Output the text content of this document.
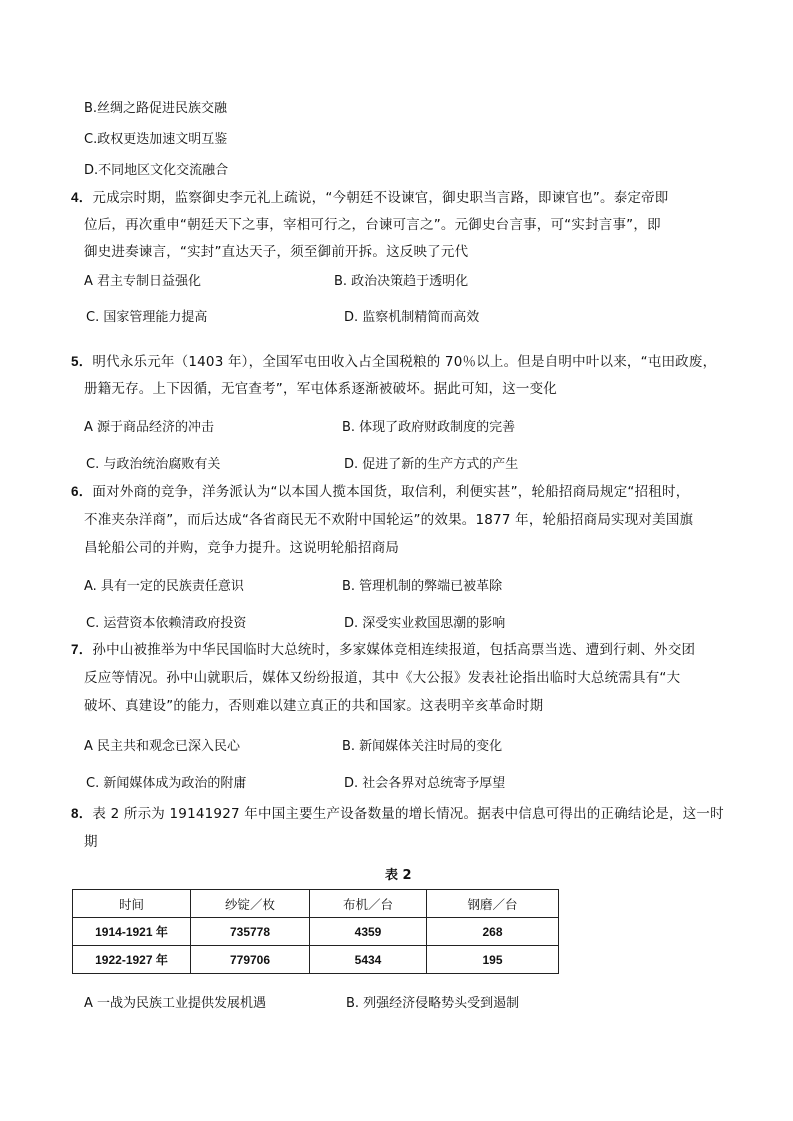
B.丝绸之路促进民族交融
C.政权更迭加速文明互鉴
D.不同地区文化交流融合
4．元成宗时期，监察御史李元礼上疏说，“今朝廷不设谏官，御史职当言路，即谏官也”。泰定帝即
位后，再次重申“朝廷天下之事，宰相可行之，台谏可言之”。元御史台言事，可“实封言事”，即
御史进奏谏言，“实封”直达天子，须至御前开拆。这反映了元代
A 君主专制日益强化	B. 政治决策趋于透明化
C. 国家管理能力提高	D. 监察机制精简而高效
5．明代永乐元年（1403 年），全国军屯田收入占全国税粮的 70％以上。但是自明中叶以来，“屯田政废，
册籍无存。上下因循，无官查考”，军屯体系逐渐被破坏。据此可知，这一变化
A 源于商品经济的冲击	B. 体现了政府财政制度的完善
C. 与政治统治腐败有关	D. 促进了新的生产方式的产生
6．面对外商的竞争，洋务派认为“以本国人揽本国货，取信利，利便实甚”，轮船招商局规定“招租时，
不准夹杂洋商”，而后达成“各省商民无不欢附中国轮运”的效果。1877 年，轮船招商局实现对美国旗
昌轮船公司的并购，竞争力提升。这说明轮船招商局
A. 具有一定的民族责任意识	B. 管理机制的弊端已被革除
C. 运营资本依赖清政府投资	D. 深受实业救国思潮的影响
7．孙中山被推举为中华民国临时大总统时，多家媒体竞相连续报道，包括高票当选、遭到行刺、外交团
反应等情况。孙中山就职后，媒体又纷纷报道，其中《大公报》发表社论指出临时大总统需具有“大
破坏、真建设”的能力，否则难以建立真正的共和国家。这表明辛亥革命时期
A 民主共和观念已深入民心	B. 新闻媒体关注时局的变化
C. 新闻媒体成为政治的附庸	D. 社会各界对总统寄予厚望
8．表 2 所示为 19141927 年中国主要生产设备数量的增长情况。据表中信息可得出的正确结论是，这一时
期
表 2
时间	纱锭／枚	布机／台	钢磨／台
1914-1921 年	735778	4359	268
1922-1927 年	779706	5434	195
A 一战为民族工业提供发展机遇	B. 列强经济侵略势头受到遏制
